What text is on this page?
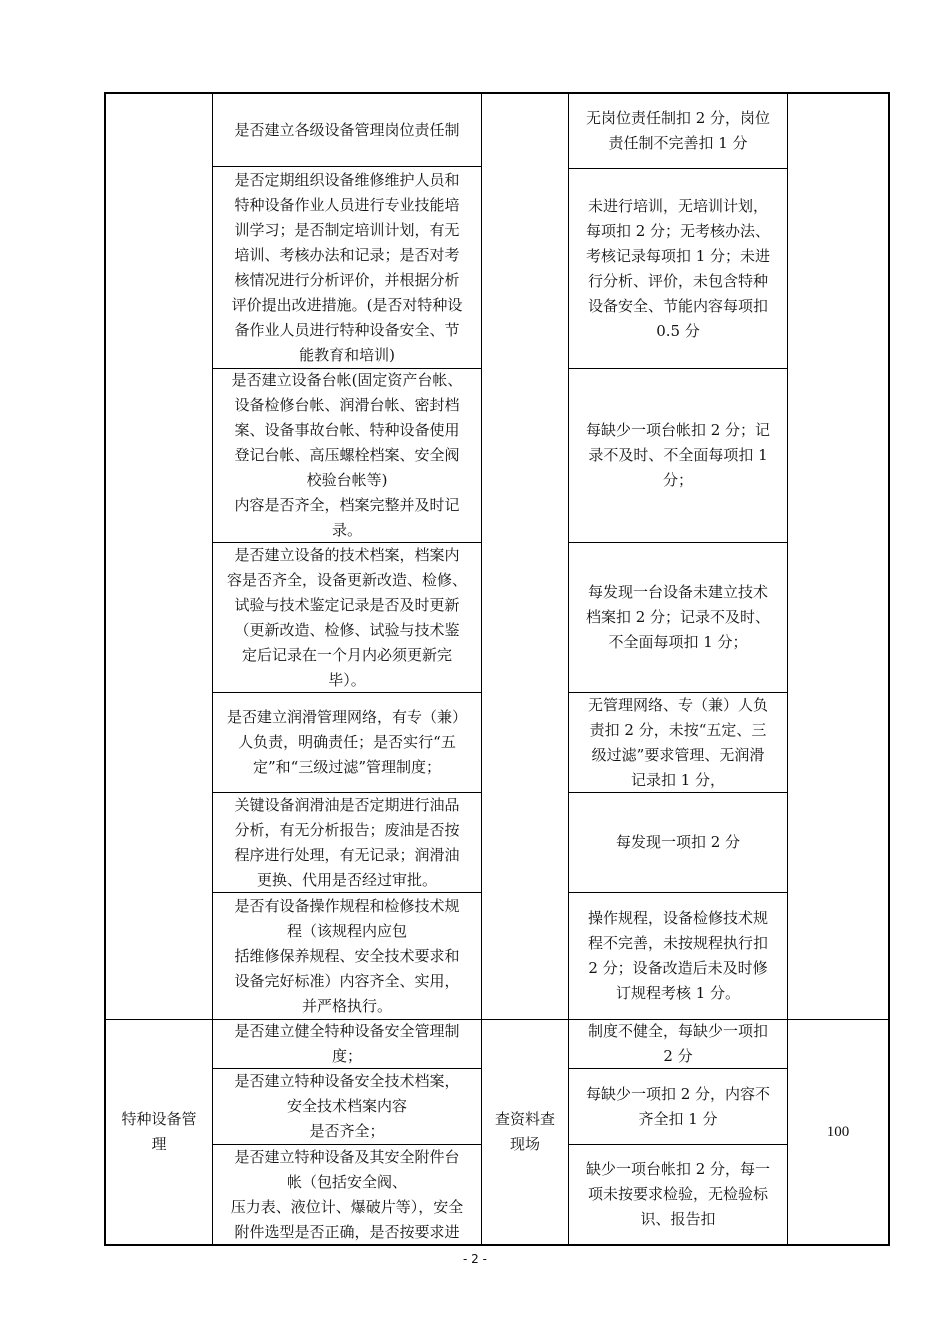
是否建立各级设备管理岗位责任制
是否定期组织设备维修维护人员和
特种设备作业人员进行专业技能培
训学习；是否制定培训计划，有无
培训、考核办法和记录；是否对考
核情况进行分析评价，并根据分析
评价提出改进措施。(是否对特种设
备作业人员进行特种设备安全、节
能教育和培训)
是否建立设备台帐(固定资产台帐、
设备检修台帐、润滑台帐、密封档
案、设备事故台帐、特种设备使用
登记台帐、高压螺栓档案、安全阀
校验台帐等)
内容是否齐全，档案完整并及时记
录。
是否建立设备的技术档案，档案内
容是否齐全，设备更新改造、检修、
试验与技术鉴定记录是否及时更新
（更新改造、检修、试验与技术鉴
定后记录在一个月内必须更新完
毕）。
是否建立润滑管理网络，有专（兼）
人负责，明确责任；是否实行“五
定”和“三级过滤”管理制度；
关键设备润滑油是否定期进行油品
分析，有无分析报告；废油是否按
程序进行处理，有无记录；润滑油
更换、代用是否经过审批。
是否有设备操作规程和检修技术规
程（该规程内应包
括维修保养规程、安全技术要求和
设备完好标准）内容齐全、实用，
并严格执行。
是否建立健全特种设备安全管理制
度；
是否建立特种设备安全技术档案，
安全技术档案内容
是否齐全；
是否建立特种设备及其安全附件台
帐（包括安全阀、
压力表、液位计、爆破片等），安全
附件选型是否正确，是否按要求进
无岗位责任制扣 2 分，岗位
责任制不完善扣 1 分
未进行培训，无培训计划，
每项扣 2 分；无考核办法、
考核记录每项扣 1 分；未进
行分析、评价，未包含特种
设备安全、节能内容每项扣
0.5 分
每缺少一项台帐扣 2 分；记
录不及时、不全面每项扣 1
分；
每发现一台设备未建立技术
档案扣 2 分；记录不及时、
不全面每项扣 1 分；
无管理网络、专（兼）人负
责扣 2 分，未按“五定、三
级过滤”要求管理、无润滑
记录扣 1 分，
每发现一项扣 2 分
操作规程，设备检修技术规
程不完善，未按规程执行扣
2 分；设备改造后未及时修
订规程考核 1 分。
制度不健全，每缺少一项扣
2 分
每缺少一项扣 2 分，内容不
齐全扣 1 分
缺少一项台帐扣 2 分，每一
项未按要求检验，无检验标
识、报告扣
特种设备管
理
查资料查
现场
100
- 2 -
